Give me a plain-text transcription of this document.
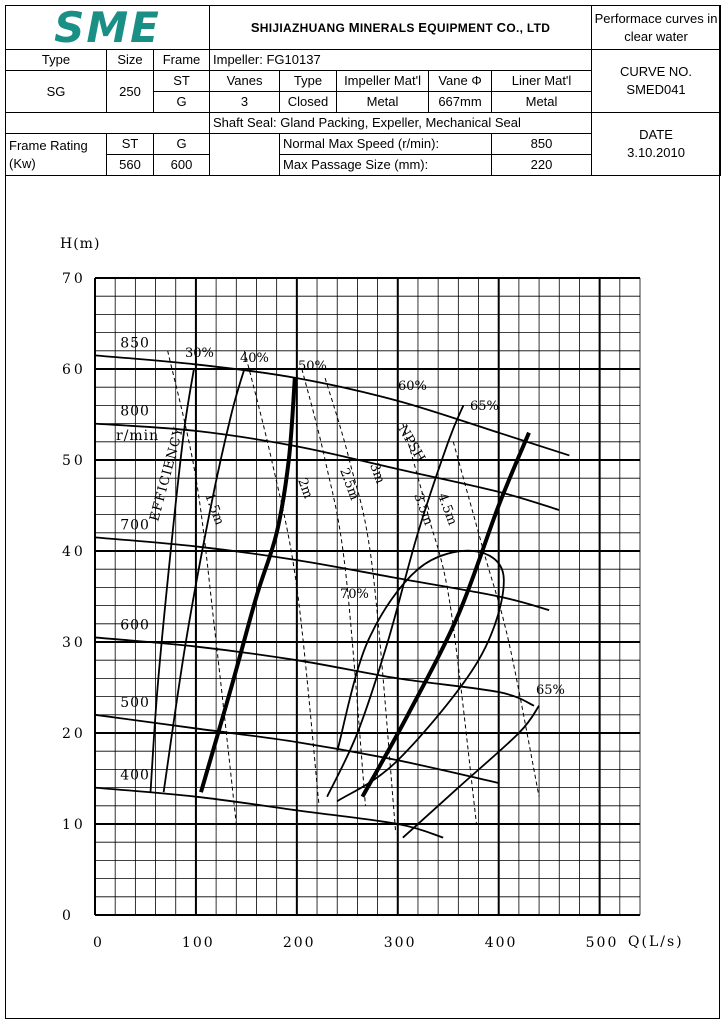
SME			SHIJIAZHUANG MINERALS EQUIPMENT CO., LTD					Performace curves in clear water
Type	Size	Frame	Impeller: FG10137					CURVE NO.
SMED041

SG	250	ST	Vanes	Type	Impeller Mat'l	Vane Φ	Liner Mat'l	
		G	3	Closed	Metal	667mm	Metal	
			Shaft Seal: Gland Packing, Expeller, Mechanical Seal					DATE
3.10.2010

Frame Rating (Kw)	ST	G		Normal Max Speed (r/min):			850	
	560	600		Max Passage Size (mm):			220	
0	100	200	300	400	500
0
10
20
30
40
50
60
70
H(m)
Q(L/s)
850
800
700
600
500
400
r/min
30% 40%
50%
60%
65%
70%
65%
EFFICIENCY 1.5m
2m 2.5m 3m
3.5m
4.5m
NPSH
